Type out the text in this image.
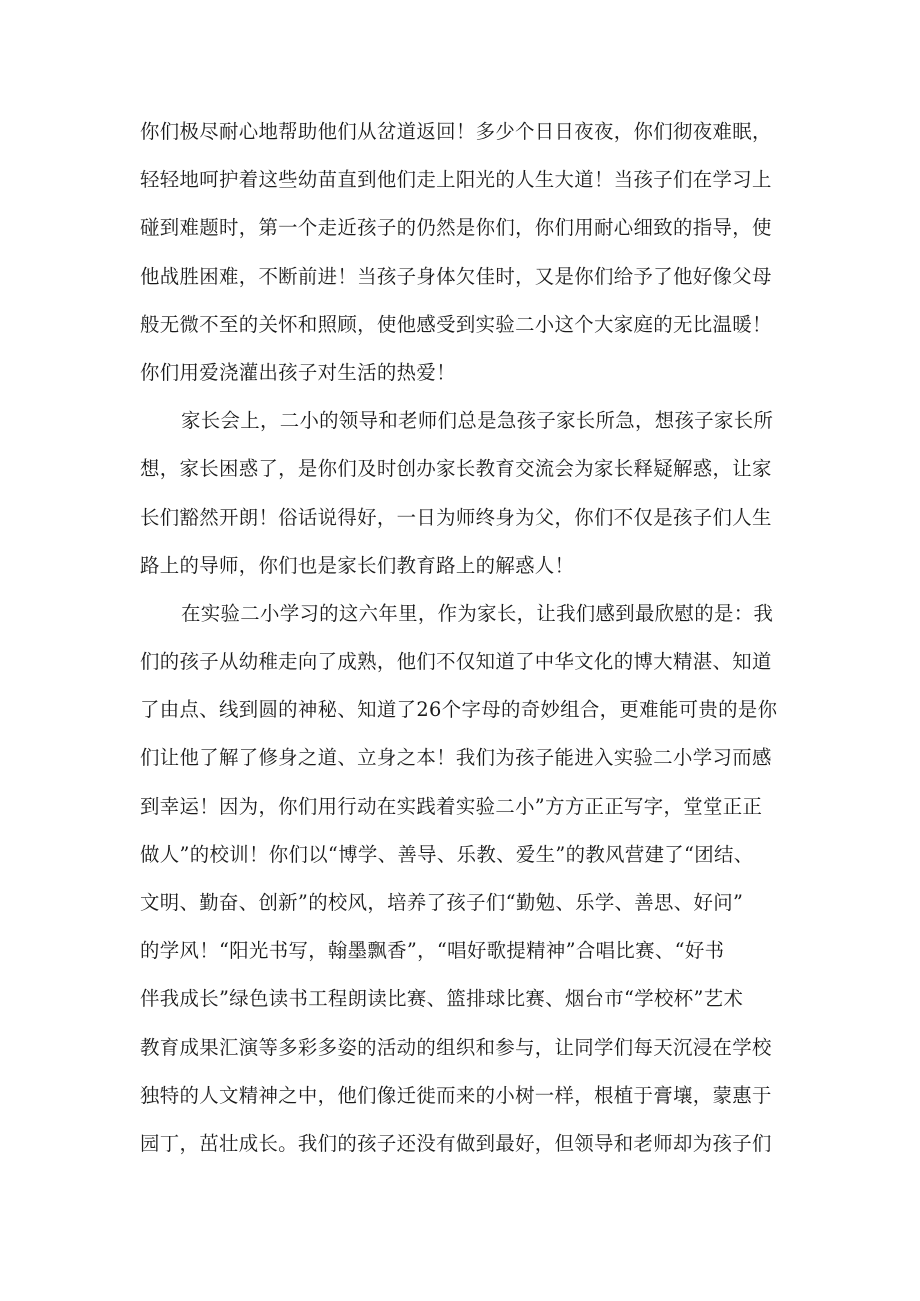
你们极尽耐心地帮助他们从岔道返回！多少个日日夜夜，你们彻夜难眠，
轻轻地呵护着这些幼苗直到他们走上阳光的人生大道！当孩子们在学习上
碰到难题时，第一个走近孩子的仍然是你们，你们用耐心细致的指导，使
他战胜困难，不断前进！当孩子身体欠佳时，又是你们给予了他好像父母
般无微不至的关怀和照顾，使他感受到实验二小这个大家庭的无比温暖！
你们用爱浇灌出孩子对生活的热爱！
家长会上，二小的领导和老师们总是急孩子家长所急，想孩子家长所
想，家长困惑了，是你们及时创办家长教育交流会为家长释疑解惑，让家
长们豁然开朗！俗话说得好，一日为师终身为父，你们不仅是孩子们人生
路上的导师，你们也是家长们教育路上的解惑人！
在实验二小学习的这六年里，作为家长，让我们感到最欣慰的是：我
们的孩子从幼稚走向了成熟，他们不仅知道了中华文化的博大精湛、知道
了由点、线到圆的神秘、知道了26个字母的奇妙组合，更难能可贵的是你
们让他了解了修身之道、立身之本！我们为孩子能进入实验二小学习而感
到幸运！因为，你们用行动在实践着实验二小”方方正正写字，堂堂正正
做人”的校训！你们以“博学、善导、乐教、爱生”的教风营建了“团结、
文明、勤奋、创新”的校风，培养了孩子们“勤勉、乐学、善思、好问”
的学风！“阳光书写，翰墨飘香”，“唱好歌提精神”合唱比赛、“好书
伴我成长”绿色读书工程朗读比赛、篮排球比赛、烟台市“学校杯”艺术
教育成果汇演等多彩多姿的活动的组织和参与，让同学们每天沉浸在学校
独特的人文精神之中，他们像迁徙而来的小树一样，根植于膏壤，蒙惠于
园丁，茁壮成长。我们的孩子还没有做到最好，但领导和老师却为孩子们
